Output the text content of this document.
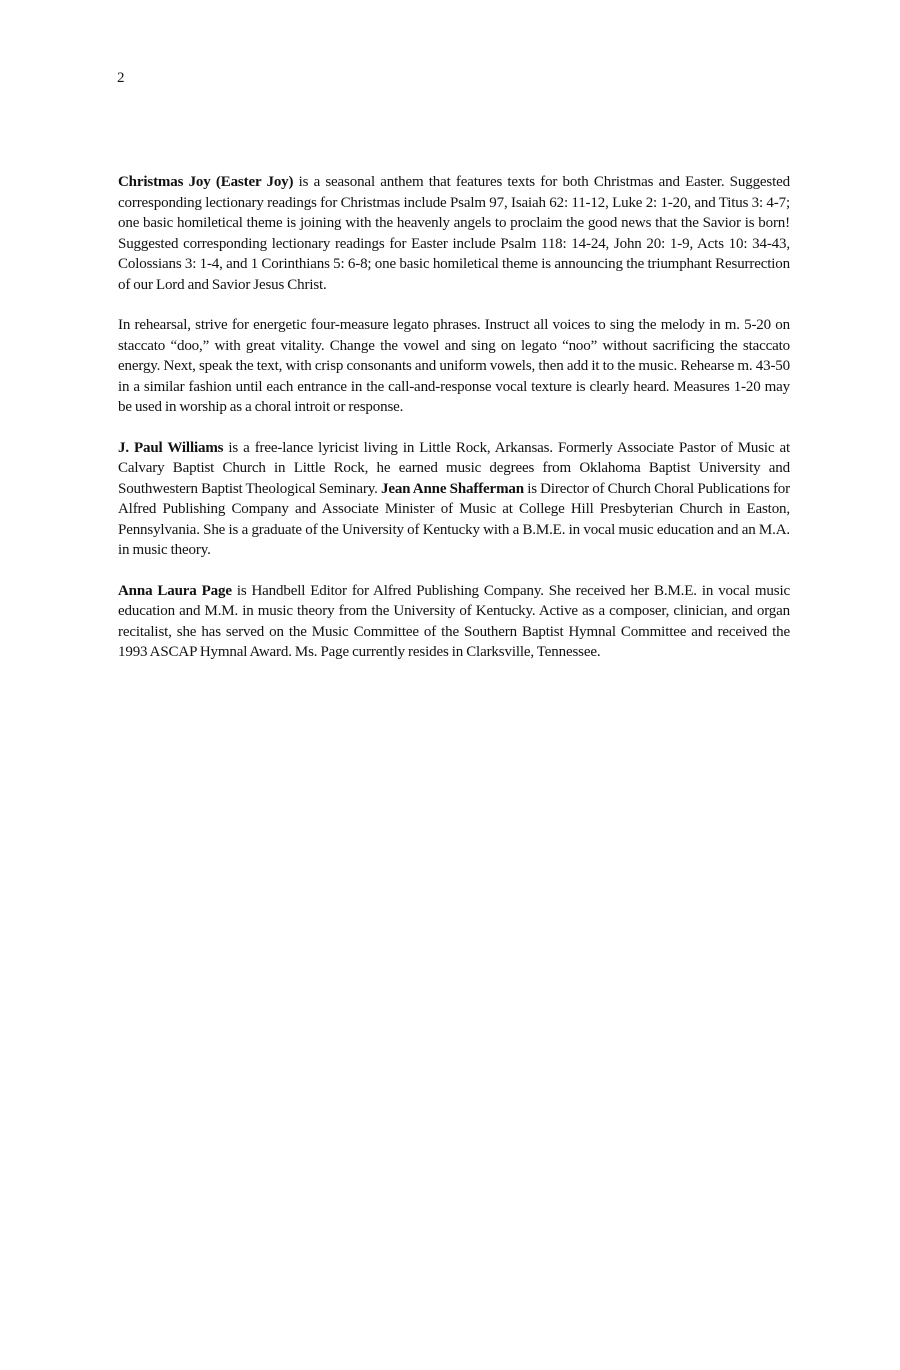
2

Christmas Joy (Easter Joy) is a seasonal anthem that features texts for both Christmas and Easter. Suggested corresponding lectionary readings for Christmas include Psalm 97, Isaiah 62: 11-12, Luke 2: 1-20, and Titus 3: 4-7; one basic homiletical theme is joining with the heavenly angels to proclaim the good news that the Savior is born! Suggested corresponding lectionary readings for Easter include Psalm 118: 14-24, John 20: 1-9, Acts 10: 34-43, Colossians 3: 1-4, and 1 Corinthians 5: 6-8; one basic homiletical theme is announcing the triumphant Resurrection of our Lord and Savior Jesus Christ.

In rehearsal, strive for energetic four-measure legato phrases. Instruct all voices to sing the melody in m. 5-20 on staccato “doo,” with great vitality. Change the vowel and sing on legato “noo” without sacrificing the staccato energy. Next, speak the text, with crisp consonants and uniform vowels, then add it to the music. Rehearse m. 43-50 in a similar fashion until each entrance in the call-and-response vocal texture is clearly heard. Measures 1-20 may be used in worship as a choral introit or response.

J. Paul Williams is a free-lance lyricist living in Little Rock, Arkansas. Formerly Associate Pastor of Music at Calvary Baptist Church in Little Rock, he earned music degrees from Oklahoma Baptist University and Southwestern Baptist Theological Seminary. Jean Anne Shafferman is Director of Church Choral Publications for Alfred Publishing Company and Associate Minister of Music at College Hill Presbyterian Church in Easton, Pennsylvania. She is a graduate of the University of Kentucky with a B.M.E. in vocal music education and an M.A. in music theory.

Anna Laura Page is Handbell Editor for Alfred Publishing Company. She received her B.M.E. in vocal music education and M.M. in music theory from the University of Kentucky. Active as a composer, clinician, and organ recitalist, she has served on the Music Committee of the Southern Baptist Hymnal Committee and received the 1993 ASCAP Hymnal Award. Ms. Page currently resides in Clarksville, Tennessee.
